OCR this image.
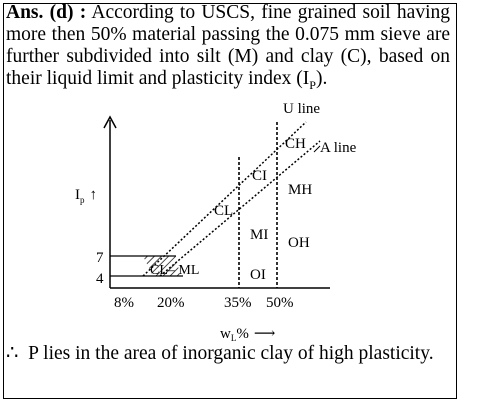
Ans. (d) : According to USCS, fine grained soil having more then 50% material passing the 0.075 mm sieve are further subdivided into silt (M) and clay (C), based on their liquid limit and plasticity index $(I_P)$.
U line
A line
$I_p$ ↑
$w_L\%$ ⟶
7
4
8% 20%	35% 50%
CH
CI
CL
MH
MI OH
OI
CL– ML
∴ P lies in the area of inorganic clay of high plasticity.
